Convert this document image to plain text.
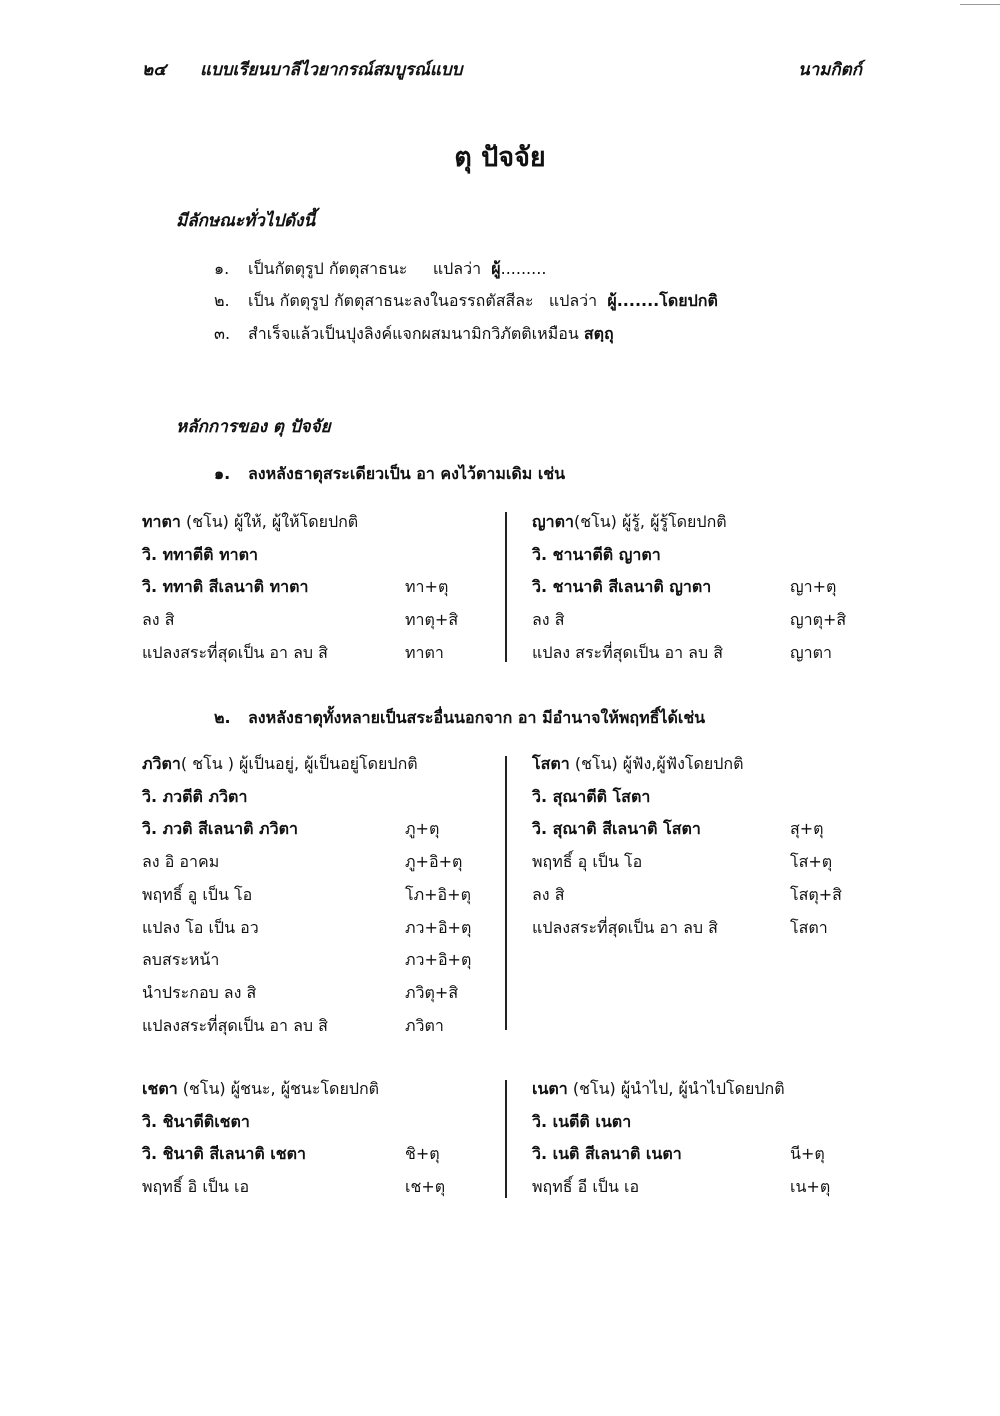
๒๔ แบบเรียนบาลีไวยากรณ์สมบูรณ์แบบ	นามกิตก์
ตุ ปัจจัย
มีลักษณะทั่วไปดังนี้
๑. เป็นกัตตุรูป กัตตุสาธนะ แปลว่า ผู้.........
๒. เป็น กัตตุรูป กัตตุสาธนะลงในอรรถตัสสีละ แปลว่า ผู้.......โดยปกติ
๓. สำเร็จแล้วเป็นปุงลิงค์แจกผสมนามิกวิภัตติเหมือน สตฺถุ
หลักการของ ตุ ปัจจัย
๑. ลงหลังธาตุสระเดียวเป็น อา คงไว้ตามเดิม เช่น
ทาตา (ชโน) ผู้ให้, ผู้ให้โดยปกติ
วิ. ททาตีติ ทาตา
วิ. ททาติ สีเลนาติ ทาตา	ทา+ตุ
ลง สิ	ทาตุ+สิ
แปลงสระที่สุดเป็น อา ลบ สิ	ทาตา
ญาตา(ชโน) ผู้รู้, ผู้รู้โดยปกติ
วิ. ชานาตีติ ญาตา
วิ. ชานาติ สีเลนาติ ญาตา	ญา+ตุ
ลง สิ	ญาตุ+สิ
แปลง สระที่สุดเป็น อา ลบ สิ	ญาตา
๒. ลงหลังธาตุทั้งหลายเป็นสระอื่นนอกจาก อา มีอำนาจให้พฤทธิ์ได้เช่น
ภวิตา( ชโน ) ผู้เป็นอยู่, ผู้เป็นอยู่โดยปกติ
วิ. ภวตีติ ภวิตา
วิ. ภวติ สีเลนาติ ภวิตา	ภู+ตุ
ลง อิ อาคม	ภู+อิ+ตุ
พฤทธิ์ อู เป็น โอ	โภ+อิ+ตุ
แปลง โอ เป็น อว	ภว+อิ+ตุ
ลบสระหน้า	ภว+อิ+ตุ
นำประกอบ ลง สิ	ภวิตุ+สิ
แปลงสระที่สุดเป็น อา ลบ สิ	ภวิตา
โสตา (ชโน) ผู้ฟัง,ผู้ฟังโดยปกติ
วิ. สุณาตีติ โสตา
วิ. สุณาติ สีเลนาติ โสตา	สุ+ตุ
พฤทธิ์ อุ เป็น โอ	โส+ตุ
ลง สิ	โสตุ+สิ
แปลงสระที่สุดเป็น อา ลบ สิ	โสตา
เชตา (ชโน) ผู้ชนะ, ผู้ชนะโดยปกติ
วิ. ชินาตีติเชตา
วิ. ชินาติ สีเลนาติ เชตา	ชิ+ตุ
พฤทธิ์ อิ เป็น เอ	เช+ตุ
เนตา (ชโน) ผู้นำไป, ผู้นำไปโดยปกติ
วิ. เนตีติ เนตา
วิ. เนติ สีเลนาติ เนตา	นี+ตุ
พฤทธิ์ อี เป็น เอ	เน+ตุ
